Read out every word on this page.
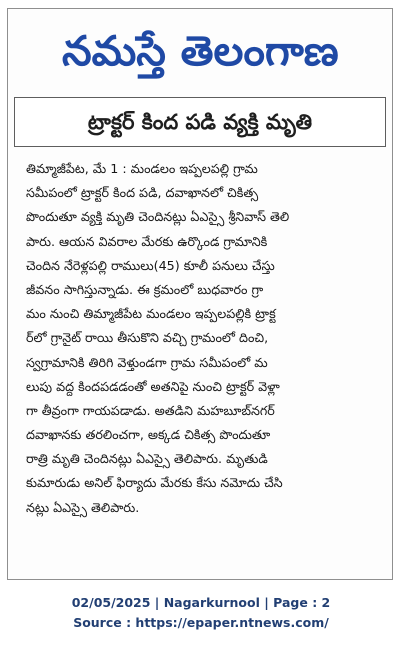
నమస్తే తెలంగాణ
ట్రాక్టర్ కింద పడి వ్యక్తి మృతి
తిమ్మాజీపేట, మే 1 : మండలం ఇప్పలపల్లి గ్రామ
సమీపంలో ట్రాక్టర్ కింద పడి, దవాఖానలో చికిత్స
పొందుతూ వ్యక్తి మృతి చెందినట్లు ఏఎస్సై శ్రీనివాస్ తెలి
పారు. ఆయన వివరాల మేరకు ఉర్కొండ గ్రామానికి
చెందిన నేరెళ్లపల్లి రాములు(45) కూలీ పనులు చేస్తు
జీవనం సాగిస్తున్నాడు. ఈ క్రమంలో బుధవారం గ్రా
మం నుంచి తిమ్మాజీపేట మండలం ఇప్పలపల్లికి ట్రాక్ట
ర్‌లో గ్రానైట్ రాయి తీసుకొని వచ్చి గ్రామంలో దించి,
స్వగ్రామానికి తిరిగి వెళ్తుండగా గ్రామ సమీపంలో మ
లుపు వద్ద కిందపడడంతో అతనిపై నుంచి ట్రాక్టర్ వెళ్లా
గా తీవ్రంగా గాయపడాడు. అతడిని మహబూబ్‌నగర్
దవాఖానకు తరలించగా, అక్కడ చికిత్స పొందుతూ
రాత్రి మృతి చెందినట్లు ఏఎస్సై తెలిపారు. మృతుడి
కుమారుడు అనిల్ ఫిర్యాదు మేరకు కేసు నమోదు చేసి
నట్లు ఏఎస్సై తెలిపారు.
02/05/2025 | Nagarkurnool | Page : 2
Source : https://epaper.ntnews.com/
